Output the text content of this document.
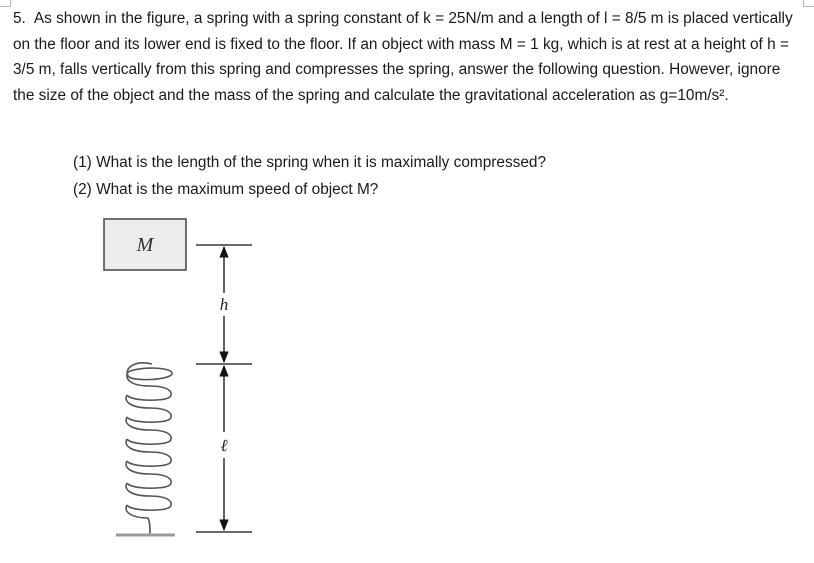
5. As shown in the figure, a spring with a spring constant of k = 25N/m and a length of l = 8/5 m is placed vertically on the floor and its lower end is fixed to the floor. If an object with mass M = 1 kg, which is at rest at a height of h = 3/5 m, falls vertically from this spring and compresses the spring, answer the following question. However, ignore the size of the object and the mass of the spring and calculate the gravitational acceleration as g=10m/s².
(1) What is the length of the spring when it is maximally compressed?
(2) What is the maximum speed of object M?
M
h
ℓ
